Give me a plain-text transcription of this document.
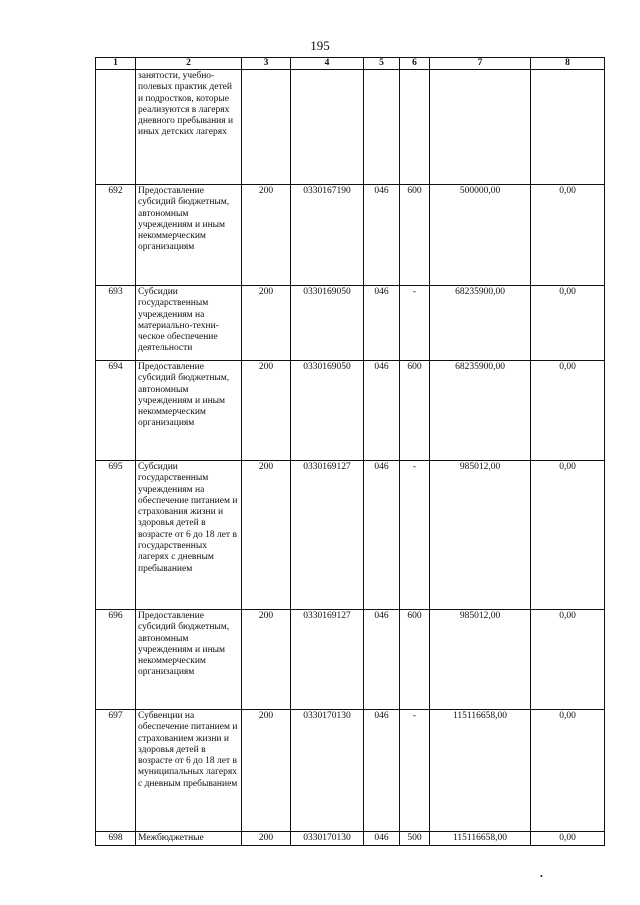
195
1	2	3	4	5	6	7	8
	занятости, учебно-полевых практик детей и подростков, которые реализуются в лагерях дневного пребывания и иных детских лагерях						
692	Предоставление субсидий бюджетным, автономным учреждениям и иным некоммерческим организациям	200	0330167190	046	600	500000,00	0,00
693	Субсидии государственным учреждениям на материально-техни-ческое обеспечение деятельности	200	0330169050	046	-	68235900,00	0,00
694	Предоставление субсидий бюджетным, автономным учреждениям и иным некоммерческим организациям	200	0330169050	046	600	68235900,00	0,00
695	Субсидии государственным учреждениям на обеспечение питанием и страхования жизни и здоровья детей в возрасте от 6 до 18 лет в государственных лагерях с дневным пребыванием	200	0330169127	046	-	985012,00	0,00
696	Предоставление субсидий бюджетным, автономным учреждениям и иным некоммерческим организациям	200	0330169127	046	600	985012,00	0,00
697	Субвенции на обеспечение питанием и страхованием жизни и здоровья детей в возрасте от 6 до 18 лет в муниципальных лагерях с дневным пребыванием	200	0330170130	046	-	115116658,00	0,00
698	Межбюджетные	200	0330170130	046	500	115116658,00	0,00
•
